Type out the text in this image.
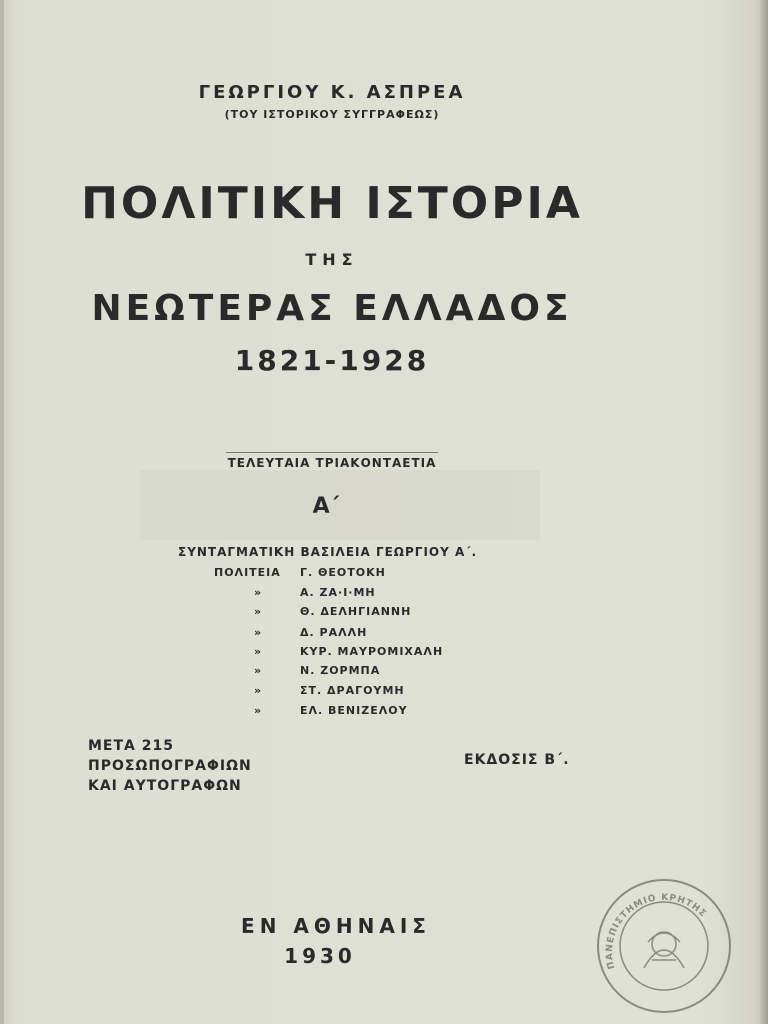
ΓΕΩΡΓΙΟΥ Κ. ΑΣΠΡΕΑ
(ΤΟΥ ΙΣΤΟΡΙΚΟΥ ΣΥΓΓΡΑΦΕΩΣ)
ΠΟΛΙΤΙΚΗ ΙΣΤΟΡΙΑ
ΤΗΣ
ΝΕΩΤΕΡΑΣ ΕΛΛΑΔΟΣ
1821-1928
ΤΕΛΕΥΤΑΙΑ ΤΡΙΑΚΟΝΤΑΕΤΙΑ
Α΄
ΣΥΝΤΑΓΜΑΤΙΚΗ ΒΑΣΙΛΕΙΑ ΓΕΩΡΓΙΟΥ Α΄.
ΠΟΛΙΤΕΙΑ Γ. ΘΕΟΤΟΚΗ
»	Α. ΖΑ·Ι·ΜΗ
»	Θ. ΔΕΛΗΓΙΑΝΝΗ
»	Δ. ΡΑΛΛΗ
»	ΚΥΡ. ΜΑΥΡΟΜΙΧΑΛΗ
»	Ν. ΖΟΡΜΠΑ
»	ΣΤ. ΔΡΑΓΟΥΜΗ
»	ΕΛ. ΒΕΝΙΖΕΛΟΥ
ΜΕΤΑ 215
ΠΡΟΣΩΠΟΓΡΑΦΙΩΝ
ΚΑΙ ΑΥΤΟΓΡΑΦΩΝ
ΕΚΔΟΣΙΣ Β΄.
ΕΝ ΑΘΗΝΑΙΣ
1930	ΠΑΝΕΠΙΣΤΗΜΙΟ ΚΡΗΤΗΣ
